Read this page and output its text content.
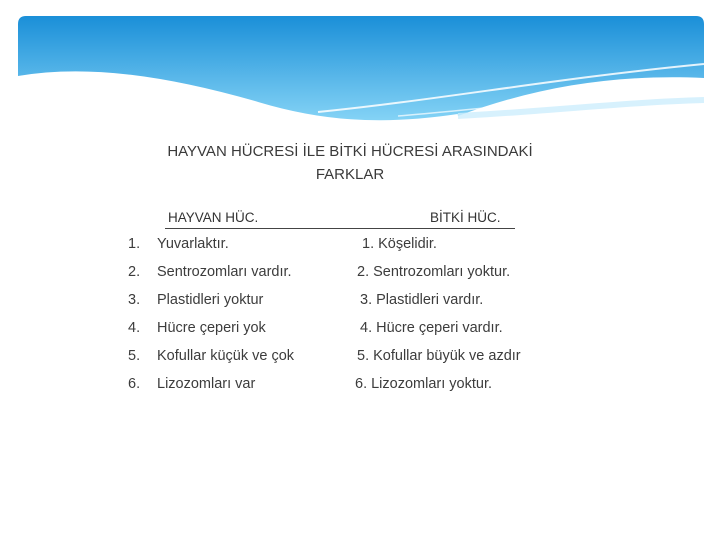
HAYVAN HÜCRESİ İLE BİTKİ HÜCRESİ ARASINDAKİ
FARKLAR
HAYVAN HÜC.	BİTKİ HÜC.
1. Yuvarlaktır.	1. Köşelidir.
2. Sentrozomları vardır.	2. Sentrozomları yoktur.
3. Plastidleri yoktur	3. Plastidleri vardır.
4. Hücre çeperi yok	4. Hücre çeperi vardır.
5. Kofullar küçük ve çok	5. Kofullar büyük ve azdır
6. Lizozomları var	6. Lizozomları yoktur.
